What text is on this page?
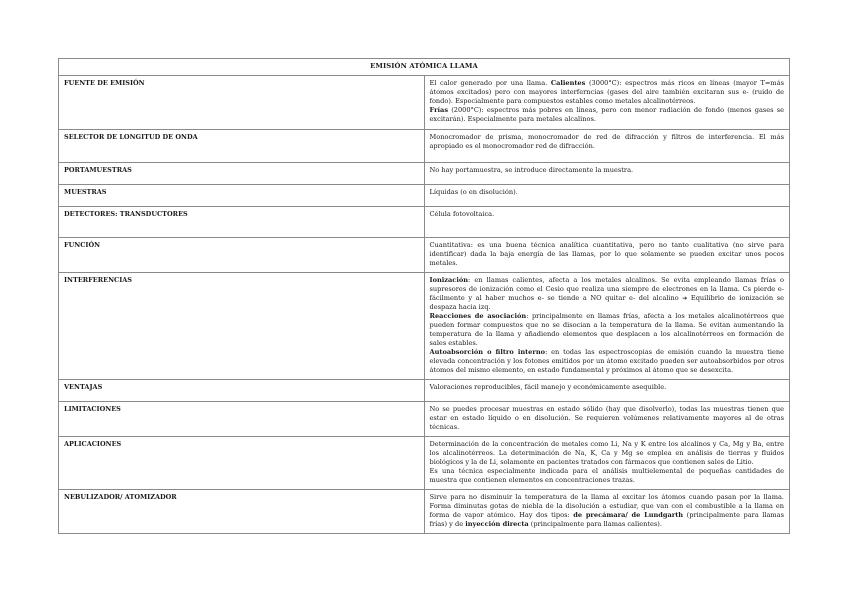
EMISIÓN ATÓMICA LLAMA	
FUENTE DE EMISIÓN	El calor generado por una llama. Calientes (3000°C): espectros más ricos en líneas (mayor T=más átomos excitados) pero con mayores interferncias (gases del aire también excitaran sus e- (ruido de fondo). Especialmente para compuestos estables como metales alcalinotérreos.

Frías (2000°C): espectros más pobres en líneas, pero con menor radiación de fondo (menos gases se excitarán). Especialmente para metales alcalinos.

SELECTOR DE LONGITUD DE ONDA	Monocromador de prisma, monocromador de red de difracción y filtros de interferencia. El más apropiado es el monocromador red de difracción.
PORTAMUESTRAS	No hay portamuestra, se introduce directamente la muestra.
MUESTRAS	Líquidas (o en disolución).
DETECTORES: TRANSDUCTORES	Célula fotovoltaica.
FUNCIÓN	Cuantitativa: es una buena técnica analítica cuantitativa, pero no tanto cualitativa (no sirve para identificar) dada la baja energía de las llamas, por lo que solamente se pueden excitar unos pocos metales.
INTERFERENCIAS	Ionización: en llamas calientes, afecta a los metales alcalinos. Se evita empleando llamas frías o supresores de ionización como el Cesio que realiza una siempre de electrones en la llama. Cs pierde e- fácilmente y al haber muchos e- se tiende a NO quitar e- del alcalino ➔ Equilibrio de ionización se despaza hacia izq.

Reacciones de asociación: principalmente en llamas frías, afecta a los metales alcalinotérreos que pueden formar compuestos que no se disocian a la temperatura de la llama. Se evitan aumentando la temperatura de la llama y añadiendo elementos que desplacen a los alcalinotérreos en formación de sales estables.

Autoabsorción o filtro interno: en todas las espectroscopias de emisión cuando la muestra tiene elevada concentración y los fotones emitidos por un átomo excitado pueden ser autoabsorbidos por otros átomos del mismo elemento, en estado fundamental y próximos al átomo que se desexcita.

VENTAJAS	Valoraciones reproducibles, fácil manejo y económicamente asequible.
LIMITACIONES	No se puedes procesar muestras en estado sólido (hay que disolverlo), todas las muestras tienen que estar en estado líquido o en disolución. Se requieren volúmenes relativamente mayores al de otras técnicas.
APLICACIONES	Determinación de la concentración de metales como Li, Na y K entre los alcalinos y Ca, Mg y Ba, entre los alcalinotérreos. La determinación de Na, K, Ca y Mg se emplea en análisis de tierras y fluidos biológicos y la de Li, solamente en pacientes tratados con fármacos que contienen sales de Litio.

Es una técnica especialmente indicada para el análisis multielemental de pequeñas cantidades de muestra que contienen elementos en concentraciones trazas.

NEBULIZADOR/ ATOMIZADOR	Sirve para no disminuir la temperatura de la llama al excitar los átomos cuando pasan por la llama. Forma diminutas gotas de niebla de la disolución a estudiar, que van con el combustible a la llama en forma de vapor atómico. Hay dos tipos: de precámara/ de Lundgarth (principalmente para llamas frías) y de inyección directa (principalmente para llamas calientes).
